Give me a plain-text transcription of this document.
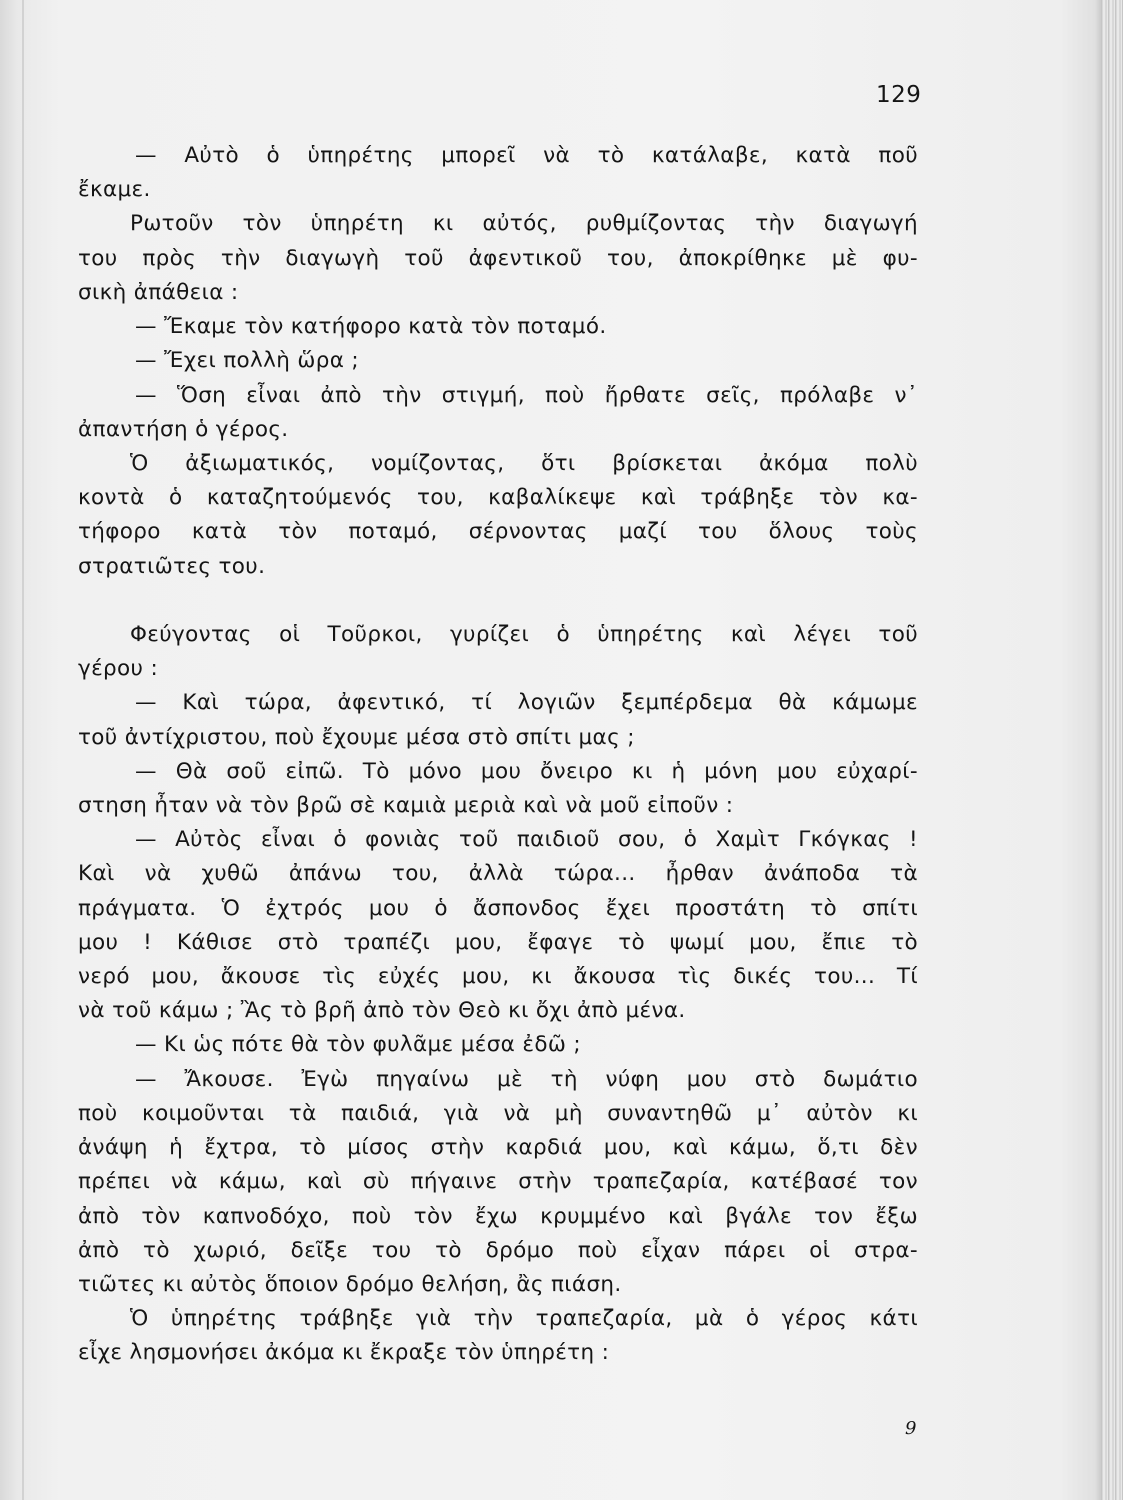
129
— Αὐτὸ ὁ ὑπηρέτης μπορεῖ νὰ τὸ κατάλαβε, κατὰ ποῦ
ἔκαμε.
Ρωτοῦν τὸν ὑπηρέτη κι αὐτός, ρυθμίζοντας τὴν διαγωγή
του πρὸς τὴν διαγωγὴ τοῦ ἀφεντικοῦ του, ἀποκρίθηκε μὲ φυ-
σικὴ ἀπάθεια :
— Ἔκαμε τὸν κατήφορο κατὰ τὸν ποταμό.
— Ἔχει πολλὴ ὥρα ;
— Ὅση εἶναι ἀπὸ τὴν στιγμή, ποὺ ἤρθατε σεῖς, πρόλαβε ν᾿
ἀπαντήση ὁ γέρος.
Ὁ ἀξιωματικός, νομίζοντας, ὅτι βρίσκεται ἀκόμα πολὺ
κοντὰ ὁ καταζητούμενός του, καβαλίκεψε καὶ τράβηξε τὸν κα-
τήφορο κατὰ τὸν ποταμό, σέρνοντας μαζί του ὅλους τοὺς
στρατιῶτες του.
Φεύγοντας οἱ Τοῦρκοι, γυρίζει ὁ ὑπηρέτης καὶ λέγει τοῦ
γέρου :
— Καὶ τώρα, ἀφεντικό, τί λογιῶν ξεμπέρδεμα θὰ κάμωμε
τοῦ ἀντίχριστου, ποὺ ἔχουμε μέσα στὸ σπίτι μας ;
— Θὰ σοῦ εἰπῶ. Τὸ μόνο μου ὄνειρο κι ἡ μόνη μου εὐχαρί-
στηση ἦταν νὰ τὸν βρῶ σὲ καμιὰ μεριὰ καὶ νὰ μοῦ εἰποῦν :
— Αὐτὸς εἶναι ὁ φονιὰς τοῦ παιδιοῦ σου, ὁ Χαμὶτ Γκόγκας !
Καὶ νὰ χυθῶ ἀπάνω του, ἀλλὰ τώρα... ἦρθαν ἀνάποδα τὰ
πράγματα. Ὁ ἐχτρός μου ὁ ἄσπονδος ἔχει προστάτη τὸ σπίτι
μου ! Κάθισε στὸ τραπέζι μου, ἔφαγε τὸ ψωμί μου, ἔπιε τὸ
νερό μου, ἄκουσε τὶς εὐχές μου, κι ἄκουσα τὶς δικές του... Τί
νὰ τοῦ κάμω ; Ἂς τὸ βρῆ ἀπὸ τὸν Θεὸ κι ὄχι ἀπὸ μένα.
— Κι ὡς πότε θὰ τὸν φυλᾶμε μέσα ἐδῶ ;
— Ἄκουσε. Ἐγὼ πηγαίνω μὲ τὴ νύφη μου στὸ δωμάτιο
ποὺ κοιμοῦνται τὰ παιδιά, γιὰ νὰ μὴ συναντηθῶ μ᾿ αὐτὸν κι
ἀνάψη ἡ ἔχτρα, τὸ μίσος στὴν καρδιά μου, καὶ κάμω, ὅ,τι δὲν
πρέπει νὰ κάμω, καὶ σὺ πήγαινε στὴν τραπεζαρία, κατέβασέ τον
ἀπὸ τὸν καπνοδόχο, ποὺ τὸν ἔχω κρυμμένο καὶ βγάλε τον ἔξω
ἀπὸ τὸ χωριό, δεῖξε του τὸ δρόμο ποὺ εἶχαν πάρει οἱ στρα-
τιῶτες κι αὐτὸς ὅποιον δρόμο θελήση, ἂς πιάση.
Ὁ ὑπηρέτης τράβηξε γιὰ τὴν τραπεζαρία, μὰ ὁ γέρος κάτι
εἶχε λησμονήσει ἀκόμα κι ἔκραξε τὸν ὑπηρέτη :
9
